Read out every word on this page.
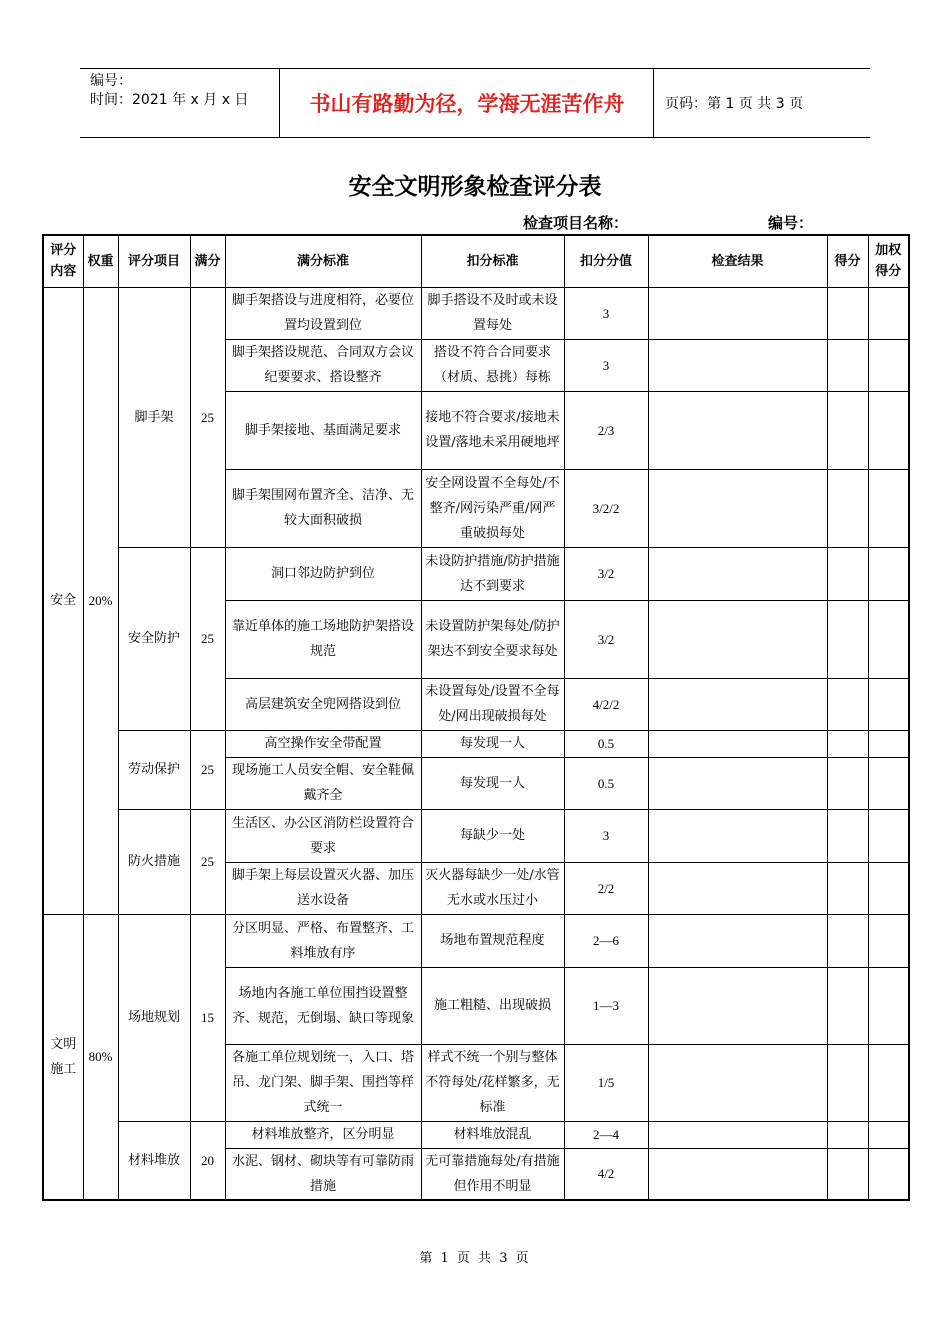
编号：
时间：2021 年 x 月 x 日	书山有路勤为径，学海无涯苦作舟	页码：第 1 页 共 3 页
安全文明形象检查评分表
检查项目名称：	编号：
评分内容	权重	评分项目	满分	满分标准	扣分标准	扣分分值	检查结果	得分	加权得分
安全	20%	脚手架	25	脚手架搭设与进度相符，必要位置均设置到位	脚手搭设不及时或未设置每处	3			
				脚手架搭设规范、合同双方会议纪要要求、搭设整齐	搭设不符合合同要求（材质、悬挑）每栋	3			
				脚手架接地、基面满足要求	接地不符合要求/接地未设置/落地未采用硬地坪	2/3			
				脚手架围网布置齐全、洁净、无较大面积破损	安全网设置不全每处/不整齐/网污染严重/网严重破损每处	3/2/2			
		安全防护	25	洞口邻边防护到位	未设防护措施/防护措施达不到要求	3/2			
				靠近单体的施工场地防护架搭设规范	未设置防护架每处/防护架达不到安全要求每处	3/2			
				高层建筑安全兜网搭设到位	未设置每处/设置不全每处/网出现破损每处	4/2/2			
		劳动保护	25	高空操作安全带配置	每发现一人	0.5			
				现场施工人员安全帽、安全鞋佩戴齐全	每发现一人	0.5			
		防火措施	25	生活区、办公区消防栏设置符合要求	每缺少一处	3			
				脚手架上每层设置灭火器、加压送水设备	灭火器每缺少一处/水管无水或水压过小	2/2			
文明施工	80%	场地规划	15	分区明显、严格、布置整齐、工料堆放有序	场地布置规范程度	2—6			
				场地内各施工单位围挡设置整齐、规范，无倒塌、缺口等现象	施工粗糙、出现破损	1—3			
				各施工单位规划统一，入口、塔吊、龙门架、脚手架、围挡等样式统一	样式不统一个别与整体不符每处/花样繁多，无标准	1/5			
		材料堆放	20	材料堆放整齐，区分明显	材料堆放混乱	2—4			
				水泥、钢材、砌块等有可靠防雨措施	无可靠措施每处/有措施但作用不明显	4/2			
第 1 页 共 3 页
